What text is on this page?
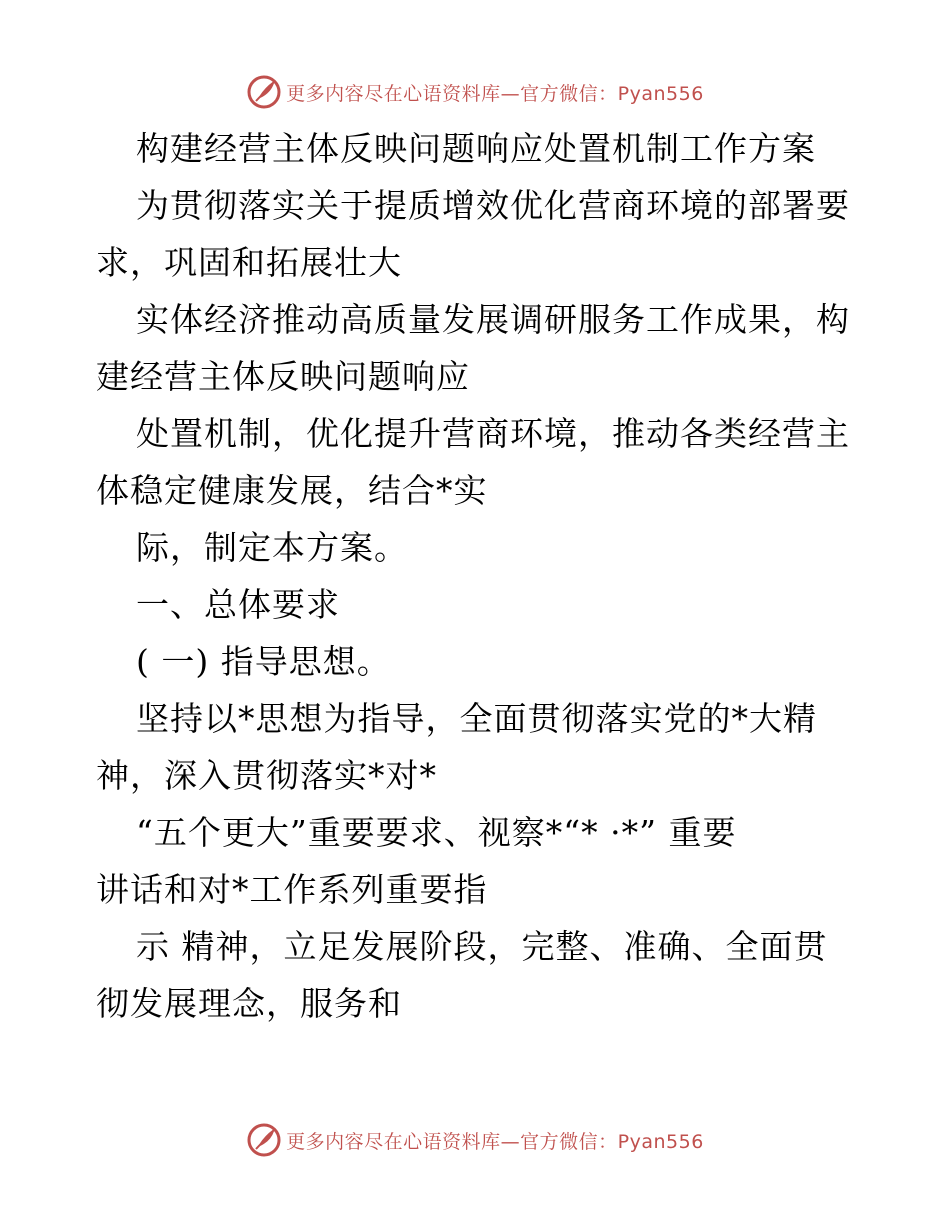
更多内容尽在心语资料库—官方微信：Pyan556
构建经营主体反映问题响应处置机制工作方案
为贯彻落实关于提质增效优化营商环境的部署要
求，巩固和拓展壮大
实体经济推动高质量发展调研服务工作成果，构
建经营主体反映问题响应
处置机制，优化提升营商环境，推动各类经营主
体稳定健康发展，结合*实
际，制定本方案。
一、总体要求
( 一) 指导思想。
坚持以*思想为指导，全面贯彻落实党的*大精
神，深入贯彻落实*对*
“五个更大”重要要求、视察*“* ·*” 重要
讲话和对*工作系列重要指
示 精神，立足发展阶段，完整、准确、全面贯
彻发展理念，服务和
更多内容尽在心语资料库—官方微信：Pyan556
